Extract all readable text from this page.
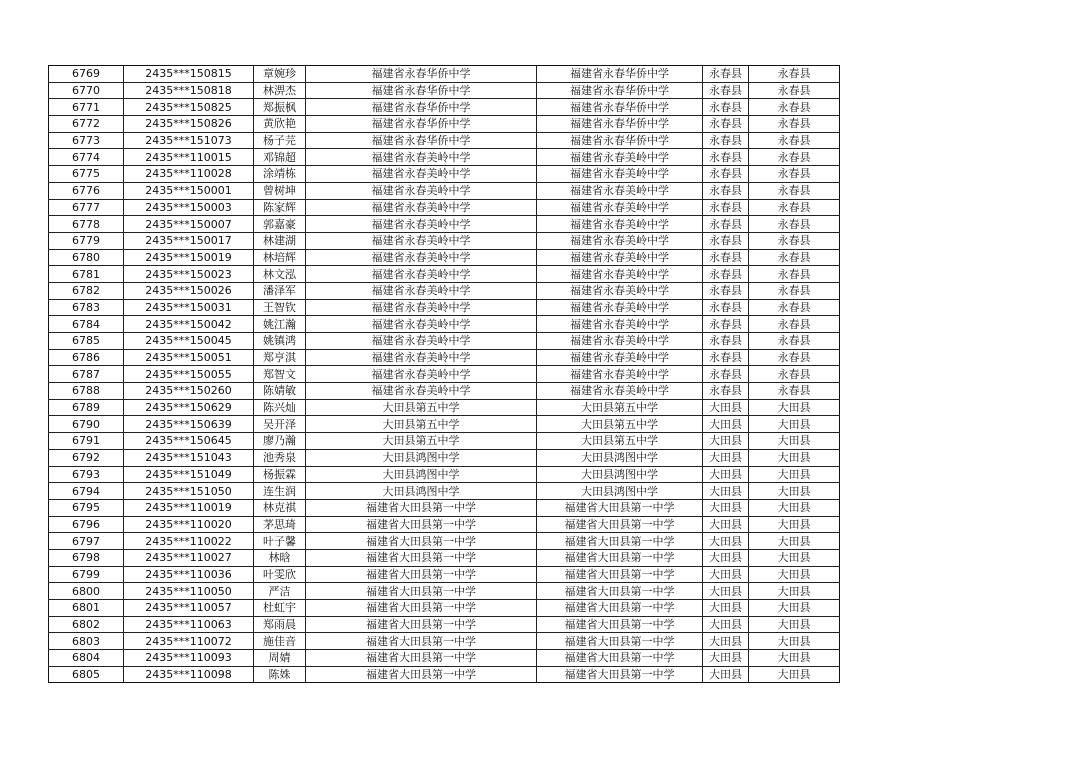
6769	2435***150815	章婉珍	福建省永春华侨中学	福建省永春华侨中学	永春县	永春县
6770	2435***150818	林淠杰	福建省永春华侨中学	福建省永春华侨中学	永春县	永春县
6771	2435***150825	郑振枫	福建省永春华侨中学	福建省永春华侨中学	永春县	永春县
6772	2435***150826	黄欣艳	福建省永春华侨中学	福建省永春华侨中学	永春县	永春县
6773	2435***151073	杨子芫	福建省永春华侨中学	福建省永春华侨中学	永春县	永春县
6774	2435***110015	邓锦超	福建省永春美岭中学	福建省永春美岭中学	永春县	永春县
6775	2435***110028	涂靖栋	福建省永春美岭中学	福建省永春美岭中学	永春县	永春县
6776	2435***150001	曾树坤	福建省永春美岭中学	福建省永春美岭中学	永春县	永春县
6777	2435***150003	陈家辉	福建省永春美岭中学	福建省永春美岭中学	永春县	永春县
6778	2435***150007	郭嘉豪	福建省永春美岭中学	福建省永春美岭中学	永春县	永春县
6779	2435***150017	林建湖	福建省永春美岭中学	福建省永春美岭中学	永春县	永春县
6780	2435***150019	林培辉	福建省永春美岭中学	福建省永春美岭中学	永春县	永春县
6781	2435***150023	林文泓	福建省永春美岭中学	福建省永春美岭中学	永春县	永春县
6782	2435***150026	潘泽军	福建省永春美岭中学	福建省永春美岭中学	永春县	永春县
6783	2435***150031	王智钦	福建省永春美岭中学	福建省永春美岭中学	永春县	永春县
6784	2435***150042	姚江瀚	福建省永春美岭中学	福建省永春美岭中学	永春县	永春县
6785	2435***150045	姚镇鸿	福建省永春美岭中学	福建省永春美岭中学	永春县	永春县
6786	2435***150051	郑亨淇	福建省永春美岭中学	福建省永春美岭中学	永春县	永春县
6787	2435***150055	郑智文	福建省永春美岭中学	福建省永春美岭中学	永春县	永春县
6788	2435***150260	陈婧敏	福建省永春美岭中学	福建省永春美岭中学	永春县	永春县
6789	2435***150629	陈兴灿	大田县第五中学	大田县第五中学	大田县	大田县
6790	2435***150639	吴开泽	大田县第五中学	大田县第五中学	大田县	大田县
6791	2435***150645	廖乃瀚	大田县第五中学	大田县第五中学	大田县	大田县
6792	2435***151043	池秀泉	大田县鸿图中学	大田县鸿图中学	大田县	大田县
6793	2435***151049	杨振霖	大田县鸿图中学	大田县鸿图中学	大田县	大田县
6794	2435***151050	连生润	大田县鸿图中学	大田县鸿图中学	大田县	大田县
6795	2435***110019	林克祺	福建省大田县第一中学	福建省大田县第一中学	大田县	大田县
6796	2435***110020	茅思琦	福建省大田县第一中学	福建省大田县第一中学	大田县	大田县
6797	2435***110022	叶子馨	福建省大田县第一中学	福建省大田县第一中学	大田县	大田县
6798	2435***110027	林晗	福建省大田县第一中学	福建省大田县第一中学	大田县	大田县
6799	2435***110036	叶雯欣	福建省大田县第一中学	福建省大田县第一中学	大田县	大田县
6800	2435***110050	严洁	福建省大田县第一中学	福建省大田县第一中学	大田县	大田县
6801	2435***110057	杜虹宇	福建省大田县第一中学	福建省大田县第一中学	大田县	大田县
6802	2435***110063	郑雨晨	福建省大田县第一中学	福建省大田县第一中学	大田县	大田县
6803	2435***110072	施佳音	福建省大田县第一中学	福建省大田县第一中学	大田县	大田县
6804	2435***110093	周婧	福建省大田县第一中学	福建省大田县第一中学	大田县	大田县
6805	2435***110098	陈姝	福建省大田县第一中学	福建省大田县第一中学	大田县	大田县
